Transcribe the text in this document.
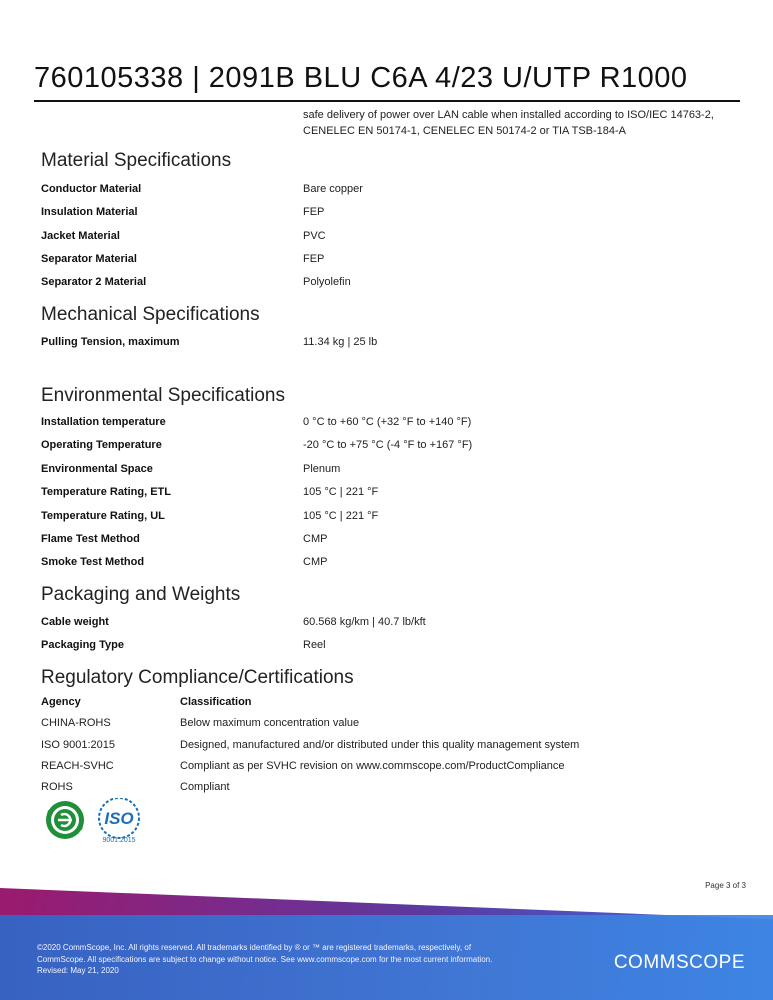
760105338 | 2091B BLU C6A 4/23 U/UTP R1000
safe delivery of power over LAN cable when installed according to ISO/IEC 14763-2, CENELEC EN 50174-1, CENELEC EN 50174-2 or TIA TSB-184-A
Material Specifications
Conductor Material	Bare copper
Insulation Material	FEP
Jacket Material	PVC
Separator Material	FEP
Separator 2 Material	Polyolefin
Mechanical Specifications
Pulling Tension, maximum	11.34 kg | 25 lb
Environmental Specifications
Installation temperature	0 °C to +60 °C (+32 °F to +140 °F)
Operating Temperature	-20 °C to +75 °C (-4 °F to +167 °F)
Environmental Space	Plenum
Temperature Rating, ETL	105 °C | 221 °F
Temperature Rating, UL	105 °C | 221 °F
Flame Test Method	CMP
Smoke Test Method	CMP
Packaging and Weights
Cable weight	60.568 kg/km | 40.7 lb/kft
Packaging Type	Reel
Regulatory Compliance/Certifications
Agency	Classification
CHINA-ROHS	Below maximum concentration value
ISO 9001:2015	Designed, manufactured and/or distributed under this quality management system
REACH-SVHC	Compliant as per SVHC revision on www.commscope.com/ProductCompliance
ROHS	Compliant
ISO
9001:2015
Page 3 of 3
©2020 CommScope, Inc. All rights reserved. All trademarks identified by ® or ™ are registered trademarks, respectively, of CommScope. All specifications are subject to change without notice. See www.commscope.com for the most current information. Revised: May 21, 2020	COMMSCOPE
